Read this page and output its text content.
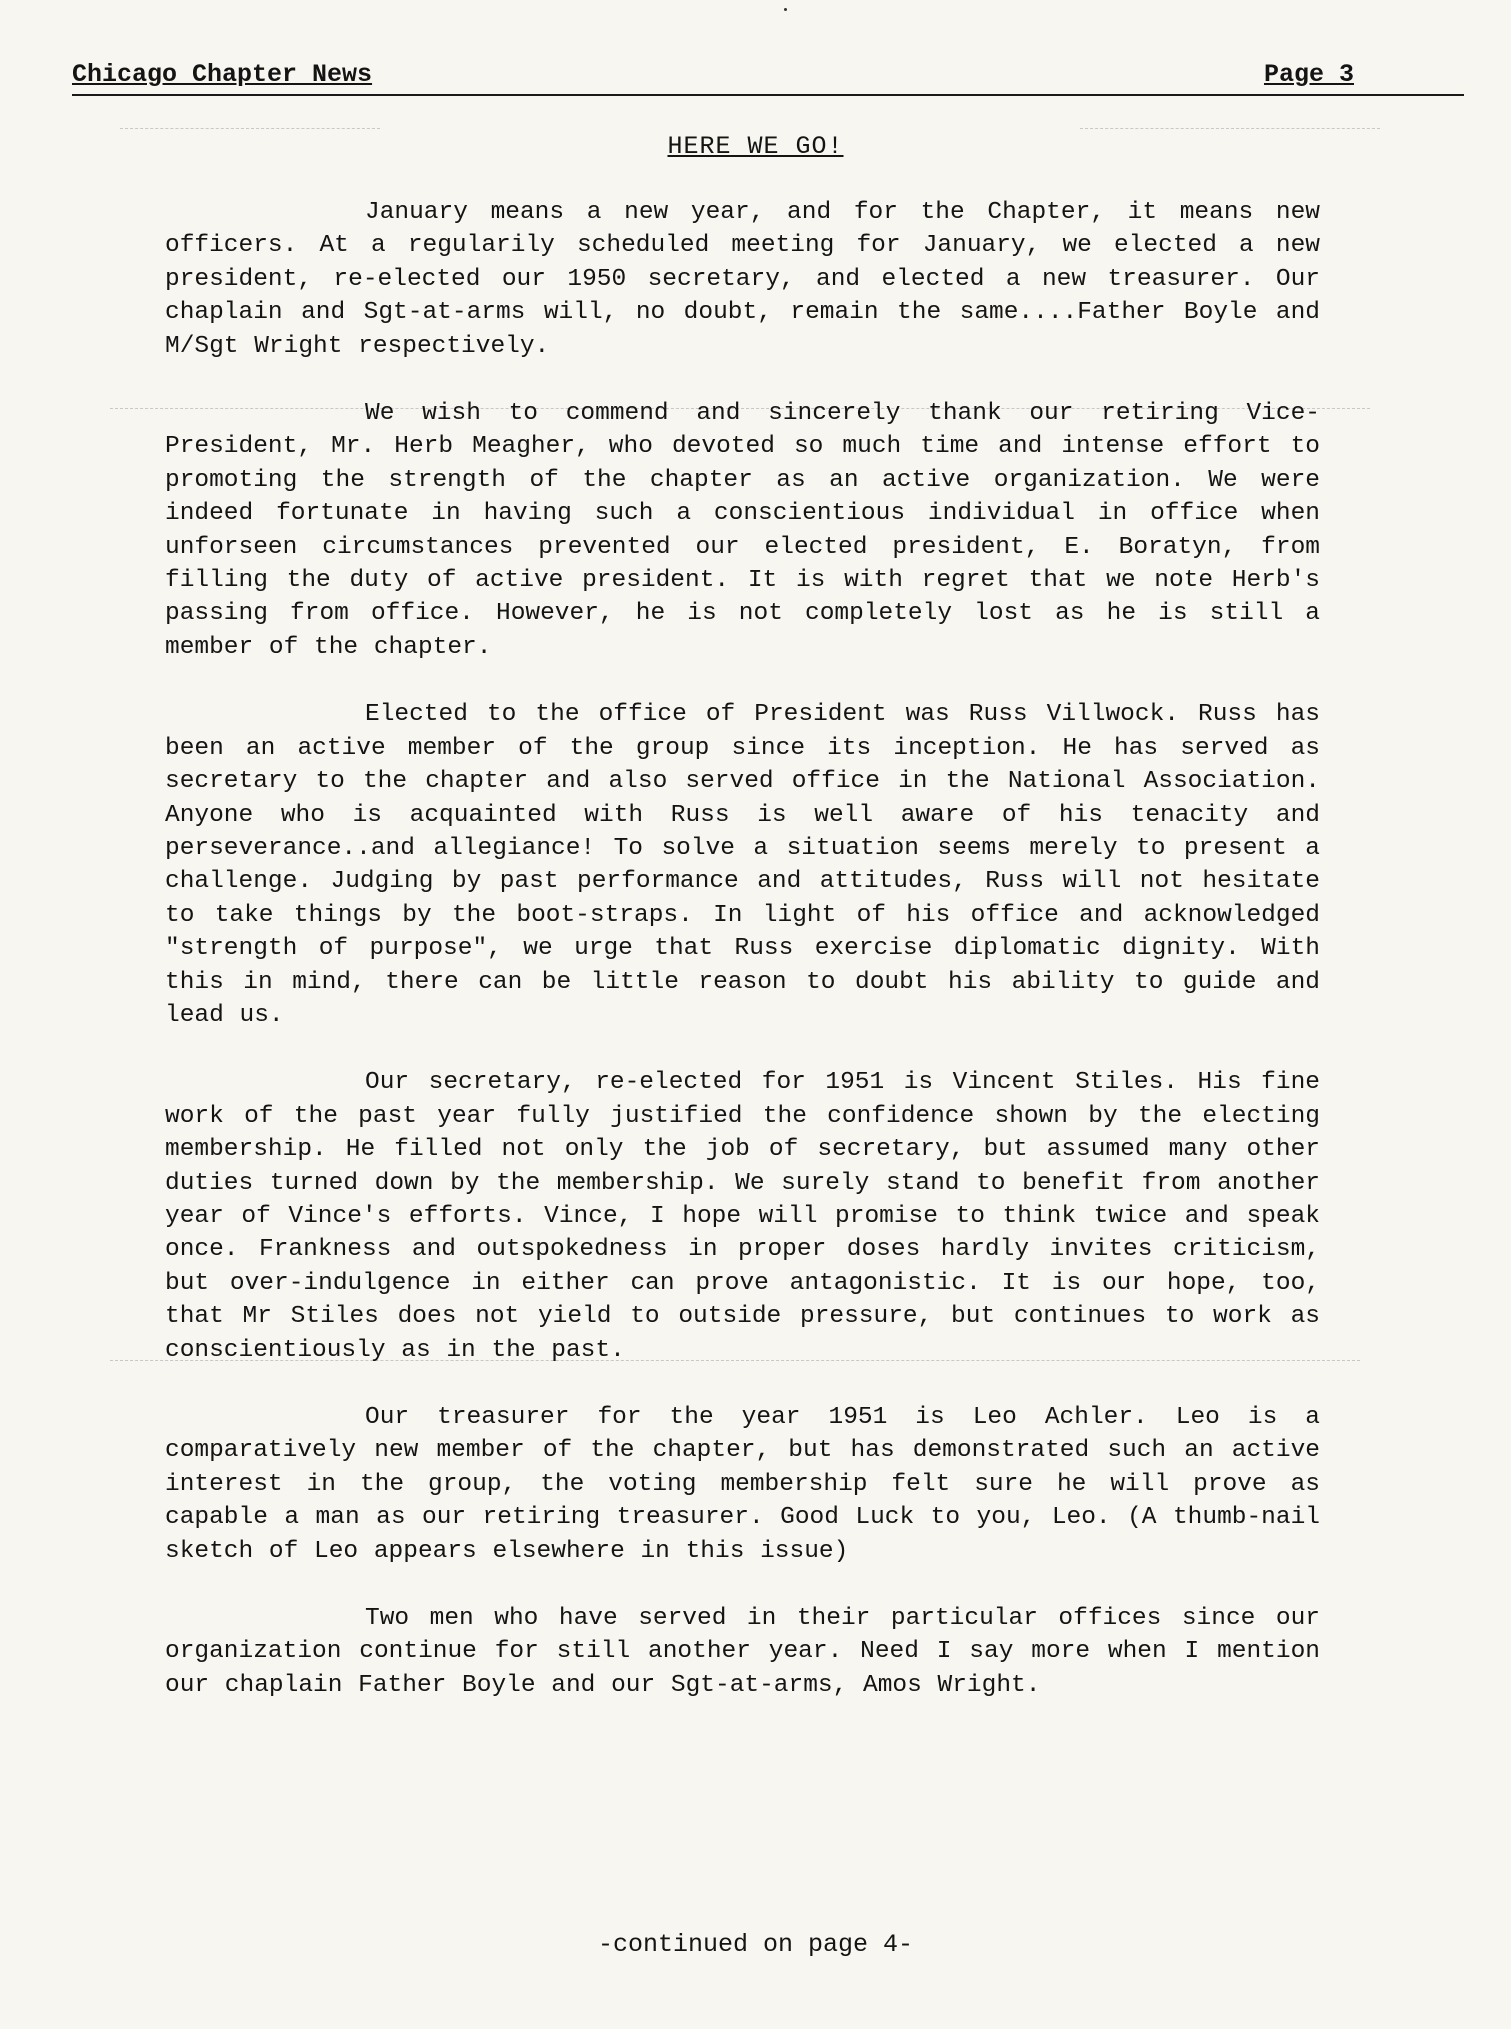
Chicago Chapter News	Page 3
HERE WE GO!

January means a new year, and for the Chapter, it means new officers. At a regularily scheduled meeting for January, we elected a new president, re-elected our 1950 secretary, and elected a new treasurer. Our chaplain and Sgt-at-arms will, no doubt, remain the same....Father Boyle and M/Sgt Wright respectively.

We wish to commend and sincerely thank our retiring Vice-President, Mr. Herb Meagher, who devoted so much time and intense effort to promoting the strength of the chapter as an active organization. We were indeed fortunate in having such a conscientious individual in office when unforseen circumstances prevented our elected president, E. Boratyn, from filling the duty of active president. It is with regret that we note Herb's passing from office. However, he is not completely lost as he is still a member of the chapter.

Elected to the office of President was Russ Villwock. Russ has been an active member of the group since its inception. He has served as secretary to the chapter and also served office in the National Association. Anyone who is acquainted with Russ is well aware of his tenacity and perseverance..and allegiance! To solve a situation seems merely to present a challenge. Judging by past performance and attitudes, Russ will not hesitate to take things by the boot-straps. In light of his office and acknowledged "strength of purpose", we urge that Russ exercise diplomatic dignity. With this in mind, there can be little reason to doubt his ability to guide and lead us.

Our secretary, re-elected for 1951 is Vincent Stiles. His fine work of the past year fully justified the confidence shown by the electing membership. He filled not only the job of secretary, but assumed many other duties turned down by the membership. We surely stand to benefit from another year of Vince's efforts. Vince, I hope will promise to think twice and speak once. Frankness and outspokedness in proper doses hardly invites criticism, but over-indulgence in either can prove antagonistic. It is our hope, too, that Mr Stiles does not yield to outside pressure, but continues to work as conscientiously as in the past.

Our treasurer for the year 1951 is Leo Achler. Leo is a comparatively new member of the chapter, but has demonstrated such an active interest in the group, the voting membership felt sure he will prove as capable a man as our retiring treasurer. Good Luck to you, Leo. (A thumb-nail sketch of Leo appears elsewhere in this issue)

Two men who have served in their particular offices since our organization continue for still another year. Need I say more when I mention our chaplain Father Boyle and our Sgt-at-arms, Amos Wright.

-continued on page 4-
